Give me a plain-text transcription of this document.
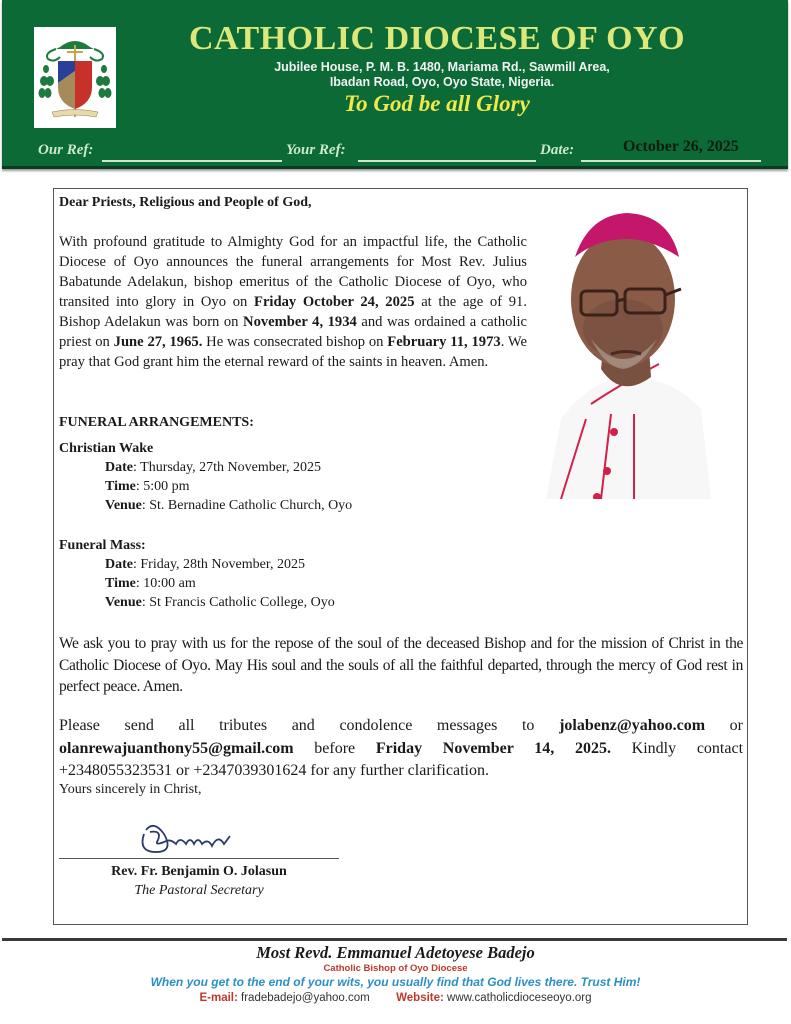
CATHOLIC DIOCESE OF OYO
Jubilee House, P. M. B. 1480, Mariama Rd., Sawmill Area,
Ibadan Road, Oyo, Oyo State, Nigeria.
To God be all Glory
Our Ref:	Your Ref:	Date:	October 26, 2025
Dear Priests, Religious and People of God,
With profound gratitude to Almighty God for an impactful life, the Catholic Diocese of Oyo announces the funeral arrangements for Most Rev. Julius Babatunde Adelakun, bishop emeritus of the Catholic Diocese of Oyo, who transited into glory in Oyo on Friday October 24, 2025 at the age of 91. Bishop Adelakun was born on November 4, 1934 and was ordained a catholic priest on June 27, 1965. He was consecrated bishop on February 11, 1973. We pray that God grant him the eternal reward of the saints in heaven. Amen.
FUNERAL ARRANGEMENTS:
Christian Wake
Date: Thursday, 27th November, 2025
Time: 5:00 pm
Venue: St. Bernadine Catholic Church, Oyo
Funeral Mass:
Date: Friday, 28th November, 2025
Time: 10:00 am
Venue: St Francis Catholic College, Oyo
We ask you to pray with us for the repose of the soul of the deceased Bishop and for the mission of Christ in the Catholic Diocese of Oyo. May His soul and the souls of all the faithful departed, through the mercy of God rest in perfect peace. Amen.
Please send all tributes and condolence messages to jolabenz@yahoo.com or olanrewajuanthony55@gmail.com before Friday November 14, 2025. Kindly contact +2348055323531 or +2347039301624 for any further clarification.
Yours sincerely in Christ,
Rev. Fr. Benjamin O. Jolasun
The Pastoral Secretary
Most Revd. Emmanuel Adetoyese Badejo
Catholic Bishop of Oyo Diocese
When you get to the end of your wits, you usually find that God lives there. Trust Him!
E-mail: fradebadejo@yahoo.com Website: www.catholicdioceseoyo.org
